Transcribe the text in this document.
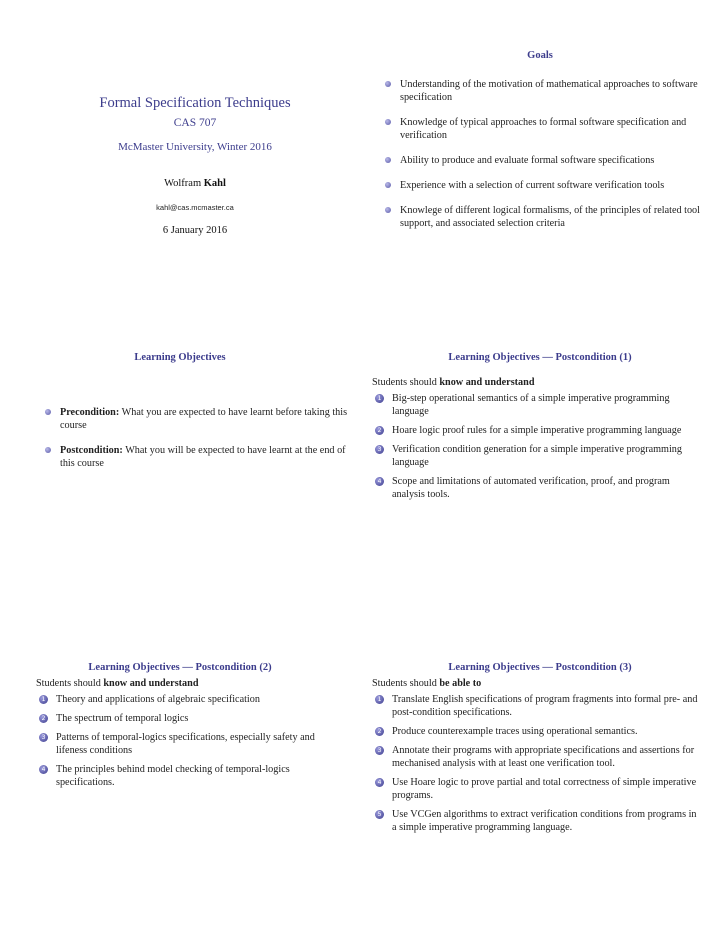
Formal Specification Techniques
CAS 707
McMaster University, Winter 2016
Wolfram Kahl
kahl@cas.mcmaster.ca
6 January 2016
Goals
Understanding of the motivation of mathematical approaches to software specification
Knowledge of typical approaches to formal software specification and verification
Ability to produce and evaluate formal software specifications
Experience with a selection of current software verification tools
Knowlege of different logical formalisms, of the principles of related tool support, and associated selection criteria
Learning Objectives
Precondition: What you are expected to have learnt before taking this course
Postcondition: What you will be expected to have learnt at the end of this course
Learning Objectives — Postcondition (1)
Students should know and understand
1 Big-step operational semantics of a simple imperative programming language
2 Hoare logic proof rules for a simple imperative programming language
3 Verification condition generation for a simple imperative programming language
4 Scope and limitations of automated verification, proof, and program analysis tools.
Learning Objectives — Postcondition (2)
Students should know and understand
1 Theory and applications of algebraic specification
2 The spectrum of temporal logics
3 Patterns of temporal-logics specifications, especially safety and lifeness conditions
4 The principles behind model checking of temporal-logics specifications.
Learning Objectives — Postcondition (3)
Students should be able to
1 Translate English specifications of program fragments into formal pre- and post-condition specifications.
2 Produce counterexample traces using operational semantics.
3 Annotate their programs with appropriate specifications and assertions for mechanised analysis with at least one verification tool.
4 Use Hoare logic to prove partial and total correctness of simple imperative programs.
5 Use VCGen algorithms to extract verification conditions from programs in a simple imperative programming language.
